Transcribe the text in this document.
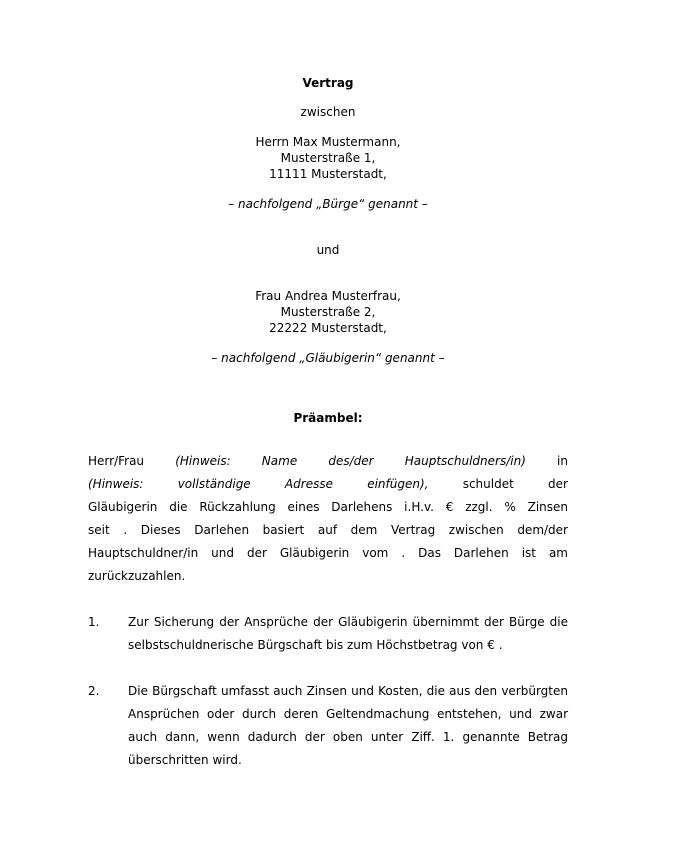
Vertrag
zwischen
Herrn Max Mustermann,
Musterstraße 1,
11111 Musterstadt,
– nachfolgend „Bürge“ genannt –
und
Frau Andrea Musterfrau,
Musterstraße 2,
22222 Musterstadt,
– nachfolgend „Gläubigerin“ genannt –
Präambel:
Herr/Frau	(Hinweis: Name des/der Hauptschuldners/in)	in
(Hinweis: vollständige Adresse einfügen),	schuldet der
Gläubigerin die Rückzahlung eines Darlehens i.H.v. € zzgl. % Zinsen
seit . Dieses Darlehen basiert auf dem Vertrag zwischen dem/der
Hauptschuldner/in und der Gläubigerin vom . Das Darlehen ist am
zurückzuzahlen.
1. Zur Sicherung der Ansprüche der Gläubigerin übernimmt der Bürge die
selbstschuldnerische Bürgschaft bis zum Höchstbetrag von € .
2. Die Bürgschaft umfasst auch Zinsen und Kosten, die aus den verbürgten
Ansprüchen oder durch deren Geltendmachung entstehen, und zwar
auch dann, wenn dadurch der oben unter Ziff. 1. genannte Betrag
überschritten wird.
